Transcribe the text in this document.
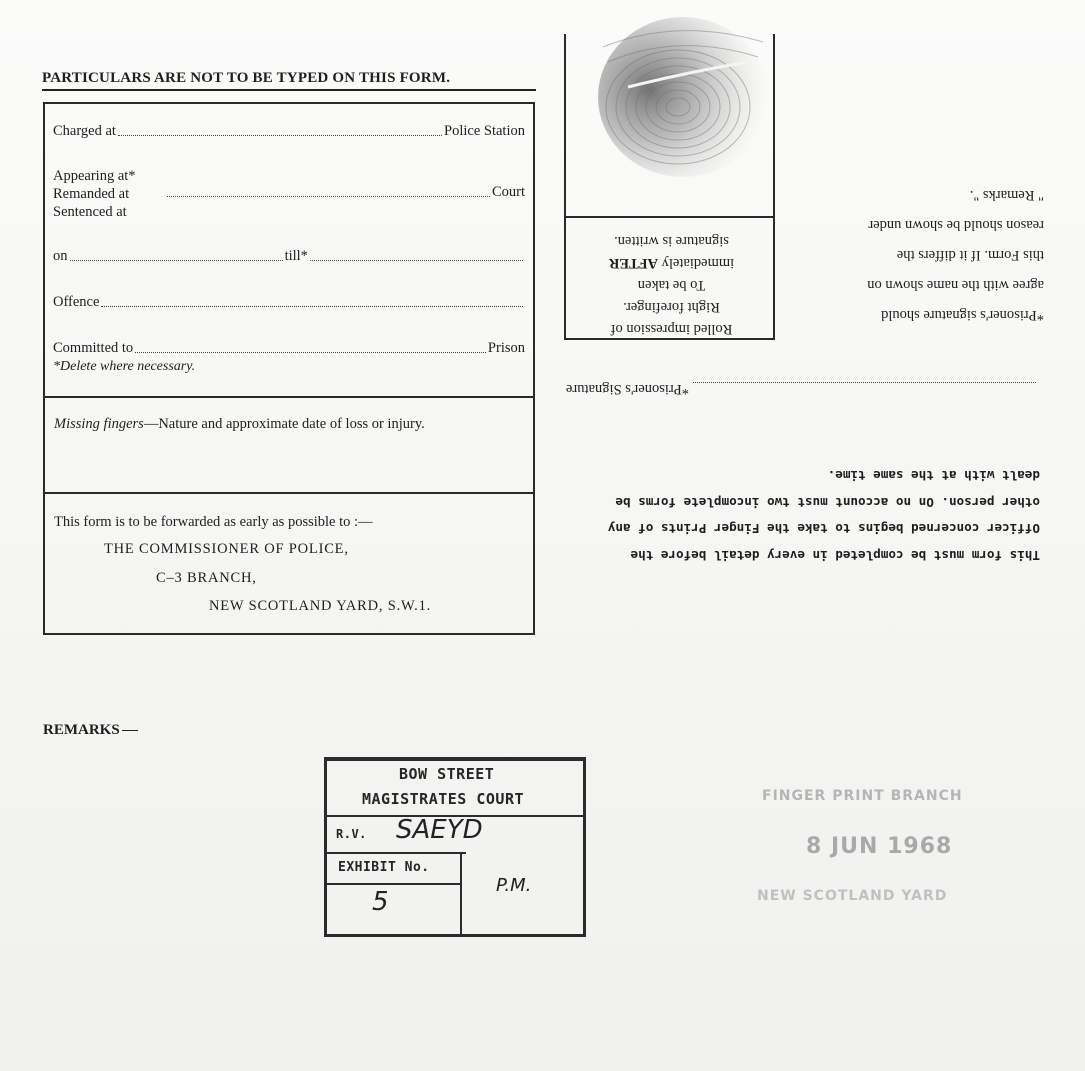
PARTICULARS ARE NOT TO BE TYPED ON THIS FORM.
Charged at	Police Station
Appearing at*
Remanded at
Sentenced at
Court
on	till*
Offence
Committed to	Prison
*Delete where necessary.
Missing fingers—Nature and approximate date of loss or injury.
This form is to be forwarded as early as possible to :—
THE COMMISSIONER OF POLICE,
C–3 BRANCH,
NEW SCOTLAND YARD, S.W.1.
Rolled impression of
Right forefinger.
To be taken
immediately AFTER
signature is written.
*Prisoner's signature should
agree with the name shown on
this Form. If it differs the
reason should be shown under
" Remarks ".
*Prisoner's Signature
This form must be completed in every detail before the
Officer concerned begins to take the Finger Prints of any
other person. On no account must two incomplete forms be
dealt with at the same time.
REMARKS
BOW STREET
MAGISTRATES COURT
R.V. SAEYD
EXHIBIT No.
5
P.M.
FINGER PRINT BRANCH
8 JUN 1968
NEW SCOTLAND YARD
